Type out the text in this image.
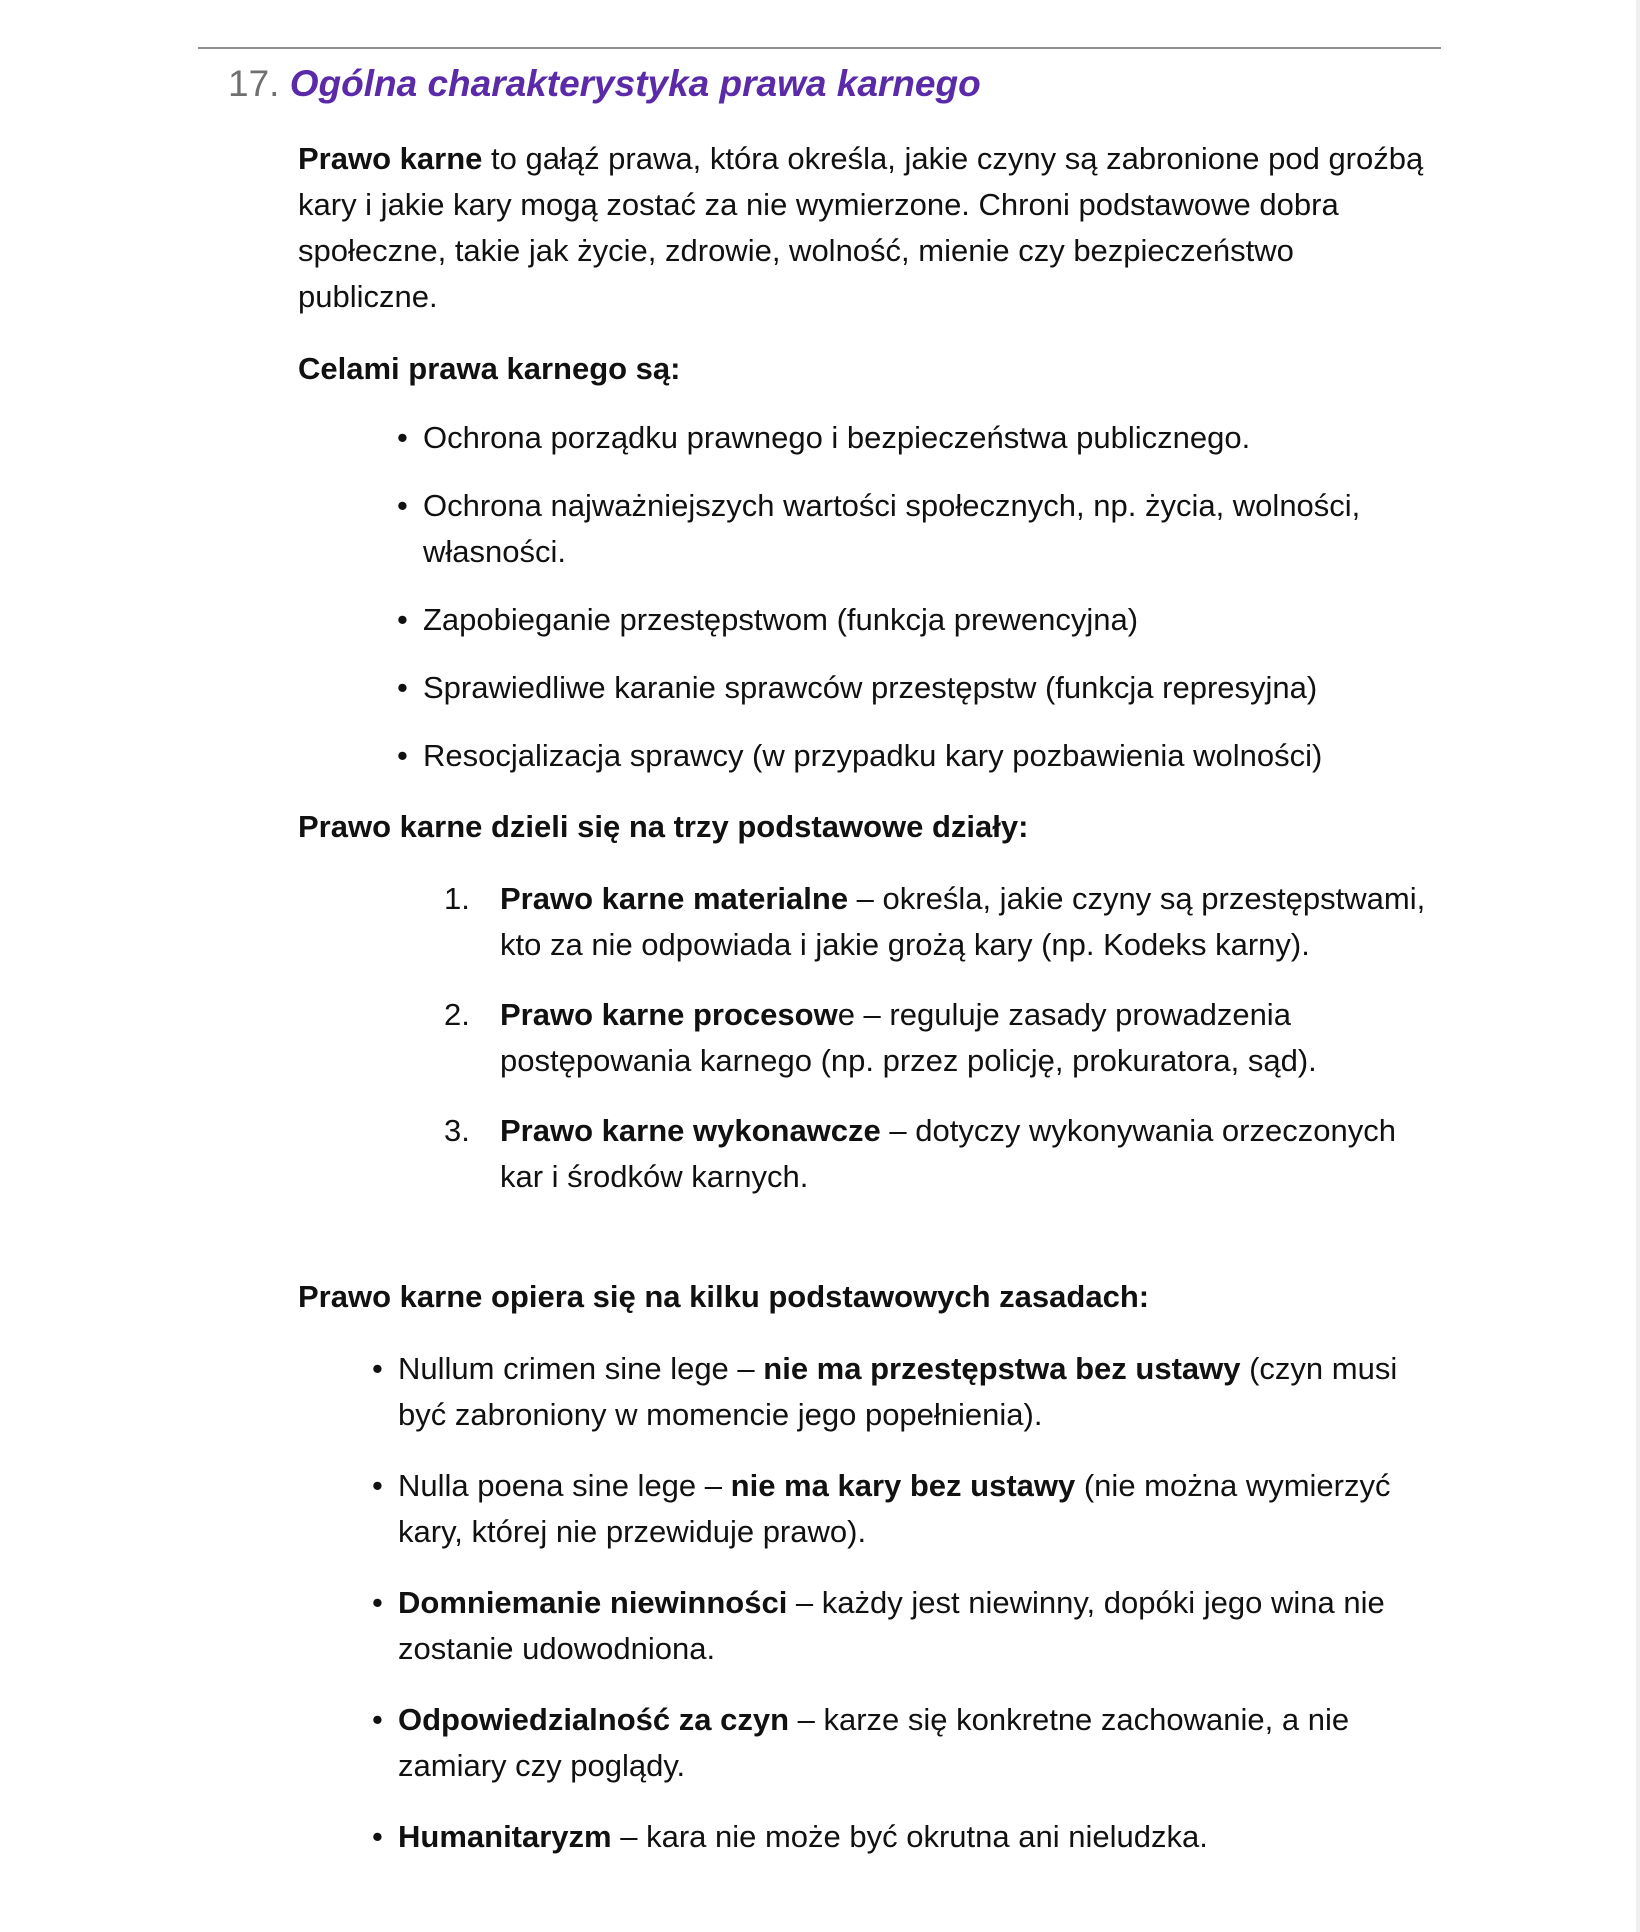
17. Ogólna charakterystyka prawa karnego

Prawo karne to gałąź prawa, która określa, jakie czyny są zabronione pod groźbą kary i jakie kary mogą zostać za nie wymierzone. Chroni podstawowe dobra społeczne, takie jak życie, zdrowie, wolność, mienie czy bezpieczeństwo publiczne.

Celami prawa karnego są:

• Ochrona porządku prawnego i bezpieczeństwa publicznego.
• Ochrona najważniejszych wartości społecznych, np. życia, wolności, własności.
• Zapobieganie przestępstwom (funkcja prewencyjna)
• Sprawiedliwe karanie sprawców przestępstw (funkcja represyjna)
• Resocjalizacja sprawcy (w przypadku kary pozbawienia wolności)

Prawo karne dzieli się na trzy podstawowe działy:

1. Prawo karne materialne – określa, jakie czyny są przestępstwami, kto za nie odpowiada i jakie grożą kary (np. Kodeks karny).
2. Prawo karne procesowe – reguluje zasady prowadzenia postępowania karnego (np. przez policję, prokuratora, sąd).
3. Prawo karne wykonawcze – dotyczy wykonywania orzeczonych kar i środków karnych.

Prawo karne opiera się na kilku podstawowych zasadach:

• Nullum crimen sine lege – nie ma przestępstwa bez ustawy (czyn musi być zabroniony w momencie jego popełnienia).
• Nulla poena sine lege – nie ma kary bez ustawy (nie można wymierzyć kary, której nie przewiduje prawo).
• Domniemanie niewinności – każdy jest niewinny, dopóki jego wina nie zostanie udowodniona.
• Odpowiedzialność za czyn – karze się konkretne zachowanie, a nie zamiary czy poglądy.
• Humanitaryzm – kara nie może być okrutna ani nieludzka.
